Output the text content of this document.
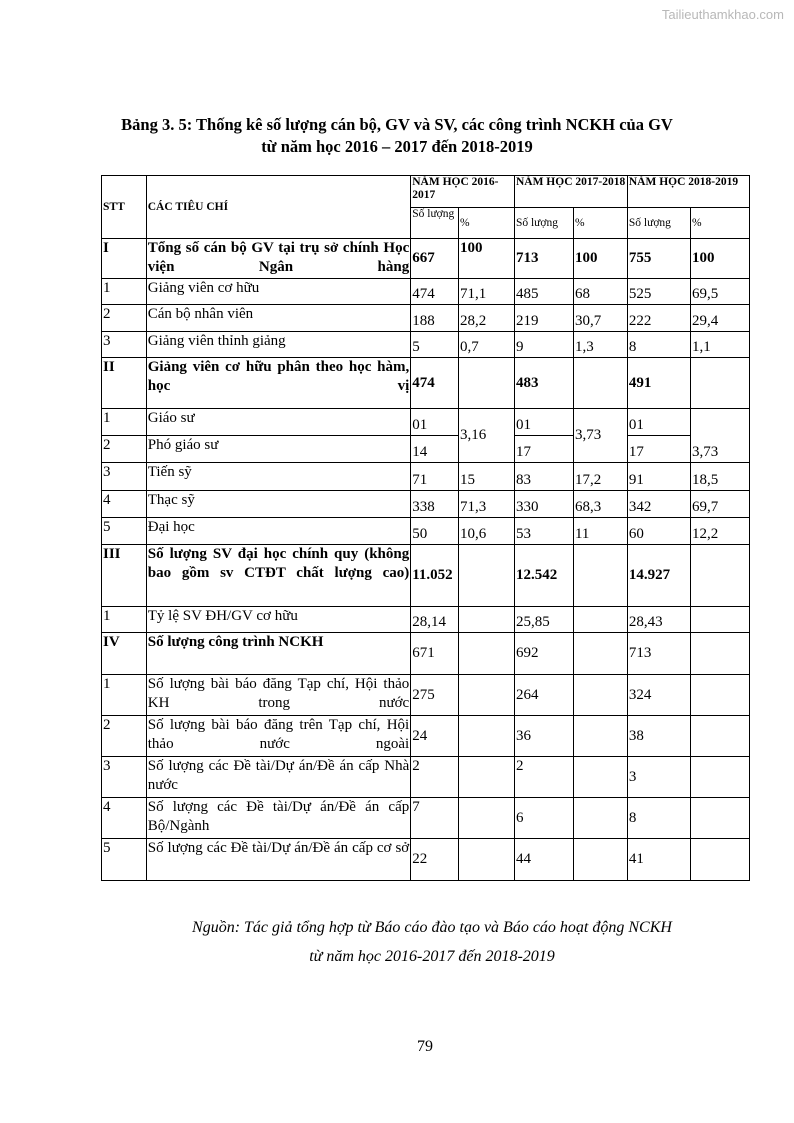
Tailieuthamkhao.com
Bảng 3. 5: Thống kê số lượng cán bộ, GV và SV, các công trình NCKH của GV
từ năm học 2016 – 2017 đến 2018-2019
STT	CÁC TIÊU CHÍ	NĂM HỌC 2016-2017		NĂM HỌC 2017-2018		NĂM HỌC 2018-2019	
		Số lượng	%	Số lượng	%	Số lượng	%
I	Tổng số cán bộ GV tại trụ sở chính Học viện Ngân hàng	667	100	713	100	755	100
1	Giảng viên cơ hữu	474	71,1	485	68	525	69,5
2	Cán bộ nhân viên	188	28,2	219	30,7	222	29,4
3	Giảng viên thỉnh giảng	5	0,7	9	1,3	8	1,1
II	Giảng viên cơ hữu phân theo học hàm, học vị	474		483		491	
1	Giáo sư	01	3,16	01	3,73	01	3,73
2	Phó giáo sư	14		17		17	
3	Tiến sỹ	71	15	83	17,2	91	18,5
4	Thạc sỹ	338	71,3	330	68,3	342	69,7
5	Đại học	50	10,6	53	11	60	12,2
III	Số lượng SV đại học chính quy (không bao gồm sv CTĐT chất lượng cao)	11.052		12.542		14.927	
1	Tỷ lệ SV ĐH/GV cơ hữu	28,14		25,85		28,43	
IV	Số lượng công trình NCKH	671		692		713	
1	Số lượng bài báo đăng Tạp chí, Hội thảo KH trong nước	275		264		324	
2	Số lượng bài báo đăng trên Tạp chí, Hội thảo nước ngoài	24		36		38	
3	Số lượng các Đề tài/Dự án/Đề án cấp Nhà nước	2		2		3	
4	Số lượng các Đề tài/Dự án/Đề án cấp Bộ/Ngành	7		6		8	
5	Số lượng các Đề tài/Dự án/Đề án cấp cơ sở	22		44		41	
Nguồn: Tác giả tổng hợp từ Báo cáo đào tạo và Báo cáo hoạt động NCKH
từ năm học 2016-2017 đến 2018-2019
79
